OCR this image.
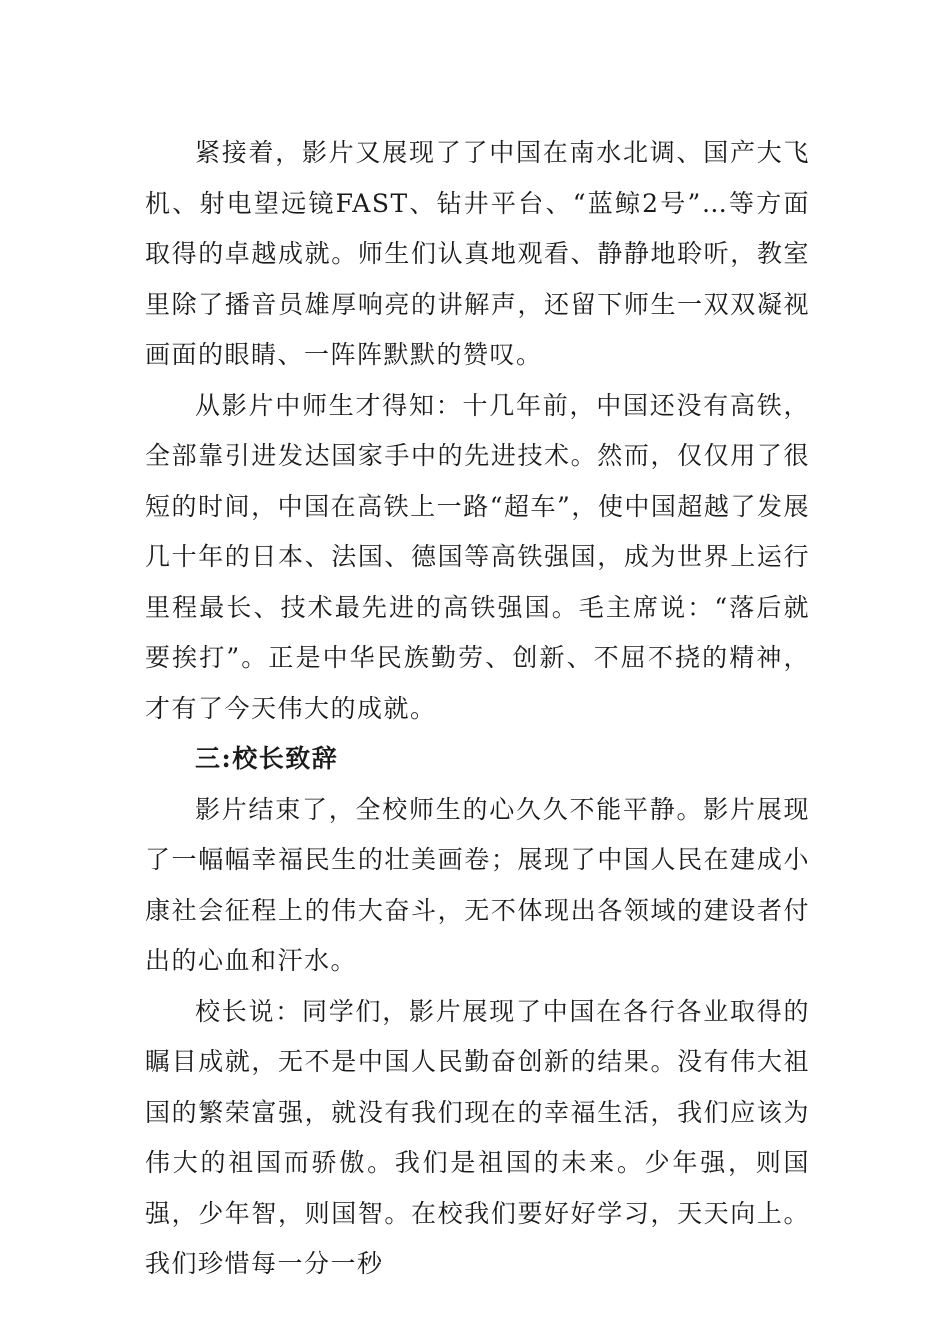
紧接着，影片又展现了了中国在南水北调、国产大飞机、射电望远镜FAST、钻井平台、“蓝鲸2号”…等方面取得的卓越成就。师生们认真地观看、静静地聆听，教室里除了播音员雄厚响亮的讲解声，还留下师生一双双凝视画面的眼睛、一阵阵默默的赞叹。

从影片中师生才得知：十几年前，中国还没有高铁，全部靠引进发达国家手中的先进技术。然而，仅仅用了很短的时间，中国在高铁上一路“超车”，使中国超越了发展几十年的日本、法国、德国等高铁强国，成为世界上运行里程最长、技术最先进的高铁强国。毛主席说：“落后就要挨打”。正是中华民族勤劳、创新、不屈不挠的精神，才有了今天伟大的成就。

三:校长致辞

影片结束了，全校师生的心久久不能平静。影片展现了一幅幅幸福民生的壮美画卷；展现了中国人民在建成小康社会征程上的伟大奋斗，无不体现出各领域的建设者付出的心血和汗水。

校长说：同学们，影片展现了中国在各行各业取得的瞩目成就，无不是中国人民勤奋创新的结果。没有伟大祖国的繁荣富强，就没有我们现在的幸福生活，我们应该为伟大的祖国而骄傲。我们是祖国的未来。少年强，则国强，少年智，则国智。在校我们要好好学习，天天向上。我们珍惜每一分一秒
